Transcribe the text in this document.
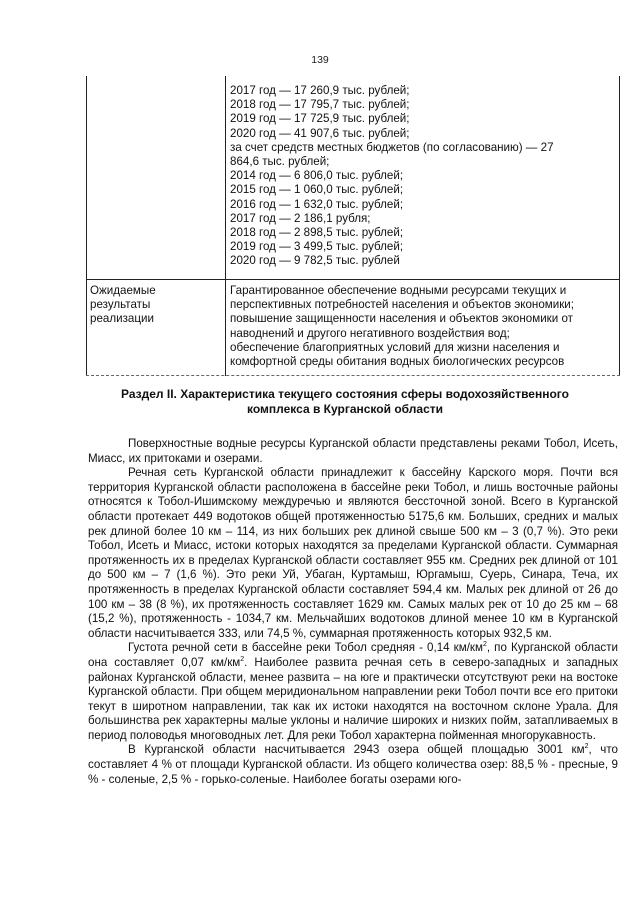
139
2017 год — 17 260,9 тыс. рублей;
2018 год — 17 795,7 тыс. рублей;
2019 год — 17 725,9 тыс. рублей;
2020 год — 41 907,6 тыс. рублей;
за счет средств местных бюджетов (по согласованию) — 27
864,6 тыс. рублей;
2014 год — 6 806,0 тыс. рублей;
2015 год — 1 060,0 тыс. рублей;
2016 год — 1 632,0 тыс. рублей;
2017 год — 2 186,1 рубля;
2018 год — 2 898,5 тыс. рублей;
2019 год — 3 499,5 тыс. рублей;
2020 год — 9 782,5 тыс. рублей
Ожидаемые
результаты
реализации
Гарантированное обеспечение водными ресурсами текущих и
перспективных потребностей населения и объектов экономики;
повышение защищенности населения и объектов экономики от
наводнений и другого негативного воздействия вод;
обеспечение благоприятных условий для жизни населения и
комфортной среды обитания водных биологических ресурсов
Раздел II. Характеристика текущего состояния сферы водохозяйственного
комплекса в Курганской области

Поверхностные водные ресурсы Курганской области представлены реками Тобол, Исеть, Миасс, их притоками и озерами.

Речная сеть Курганской области принадлежит к бассейну Карского моря. Почти вся территория Курганской области расположена в бассейне реки Тобол, и лишь восточные районы относятся к Тобол-Ишимскому междуречью и являются бессточной зоной. Всего в Курганской области протекает 449 водотоков общей протяженностью 5175,6 км. Больших, средних и малых рек длиной более 10 км – 114, из них больших рек длиной свыше 500 км – 3 (0,7 %). Это реки Тобол, Исеть и Миасс, истоки которых находятся за пределами Курганской области. Суммарная протяженность их в пределах Курганской области составляет 955 км. Средних рек длиной от 101 до 500 км – 7 (1,6 %). Это реки Уй, Убаган, Куртамыш, Юргамыш, Суерь, Синара, Теча, их протяженность в пределах Курганской области составляет 594,4 км. Малых рек длиной от 26 до 100 км – 38 (8 %), их протяженность составляет 1629 км. Самых малых рек от 10 до 25 км – 68 (15,2 %), протяженность - 1034,7 км. Мельчайших водотоков длиной менее 10 км в Курганской области насчитывается 333, или 74,5 %, суммарная протяженность которых 932,5 км.

Густота речной сети в бассейне реки Тобол средняя - 0,14 $км/км^2$, по Курганской области она составляет 0,07 $км/км^2$. Наиболее развита речная сеть в северо-западных и западных районах Курганской области, менее развита – на юге и практически отсутствуют реки на востоке Курганской области. При общем меридиональном направлении реки Тобол почти все его притоки текут в широтном направлении, так как их истоки находятся на восточном склоне Урала. Для большинства рек характерны малые уклоны и наличие широких и низких пойм, затапливаемых в период половодья многоводных лет. Для реки Тобол характерна пойменная многорукавность.

В Курганской области насчитывается 2943 озера общей площадью 3001 $км^2$, что составляет 4 % от площади Курганской области. Из общего количества озер: 88,5 % - пресные, 9 % - соленые, 2,5 % - горько-соленые. Наиболее богаты озерами юго-
